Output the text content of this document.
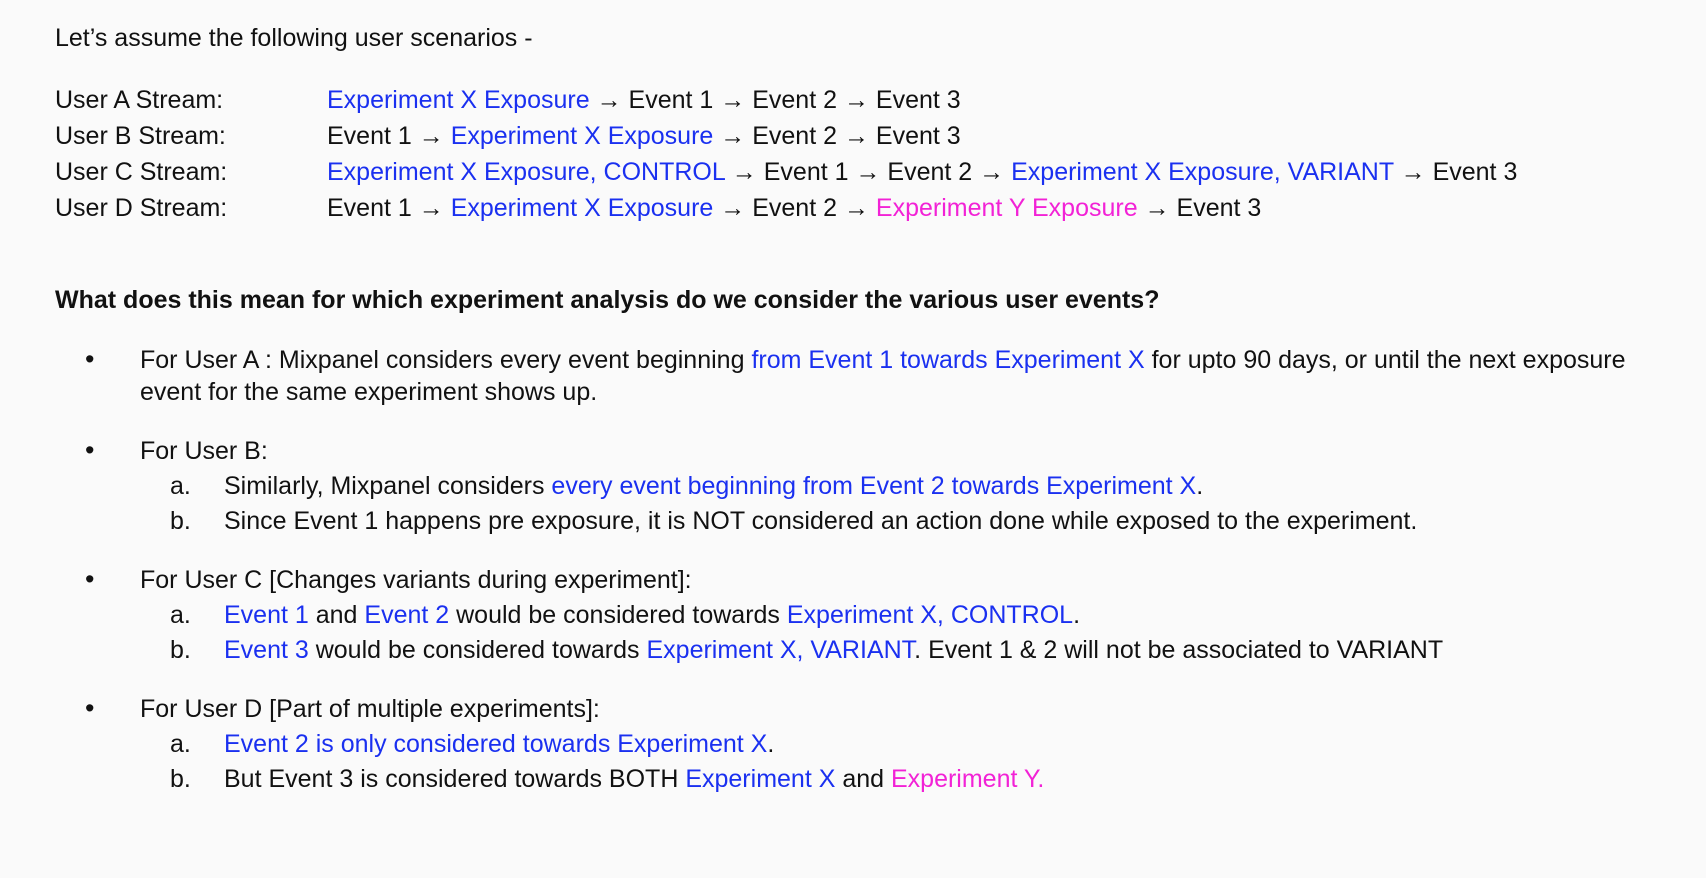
Let’s assume the following user scenarios -
User A Stream:	Experiment X Exposure → Event 1 → Event 2 → Event 3
User B Stream:	Event 1 → Experiment X Exposure → Event 2 → Event 3
User C Stream:	Experiment X Exposure, CONTROL → Event 1 → Event 2 → Experiment X Exposure, VARIANT → Event 3
User D Stream:	Event 1 → Experiment X Exposure → Event 2 → Experiment Y Exposure → Event 3
What does this mean for which experiment analysis do we consider the various user events?
• For User A : Mixpanel considers every event beginning from Event 1 towards Experiment X for upto 90 days, or until the next exposure event for the same experiment shows up.
• For User B:
Similarly, Mixpanel considers every event beginning from Event 2 towards Experiment X.
Since Event 1 happens pre exposure, it is NOT considered an action done while exposed to the experiment.
• For User C [Changes variants during experiment]:
Event 1 and Event 2 would be considered towards Experiment X, CONTROL.
Event 3 would be considered towards Experiment X, VARIANT. Event 1 & 2 will not be associated to VARIANT
• For User D [Part of multiple experiments]:
Event 2 is only considered towards Experiment X.
But Event 3 is considered towards BOTH Experiment X and Experiment Y.
